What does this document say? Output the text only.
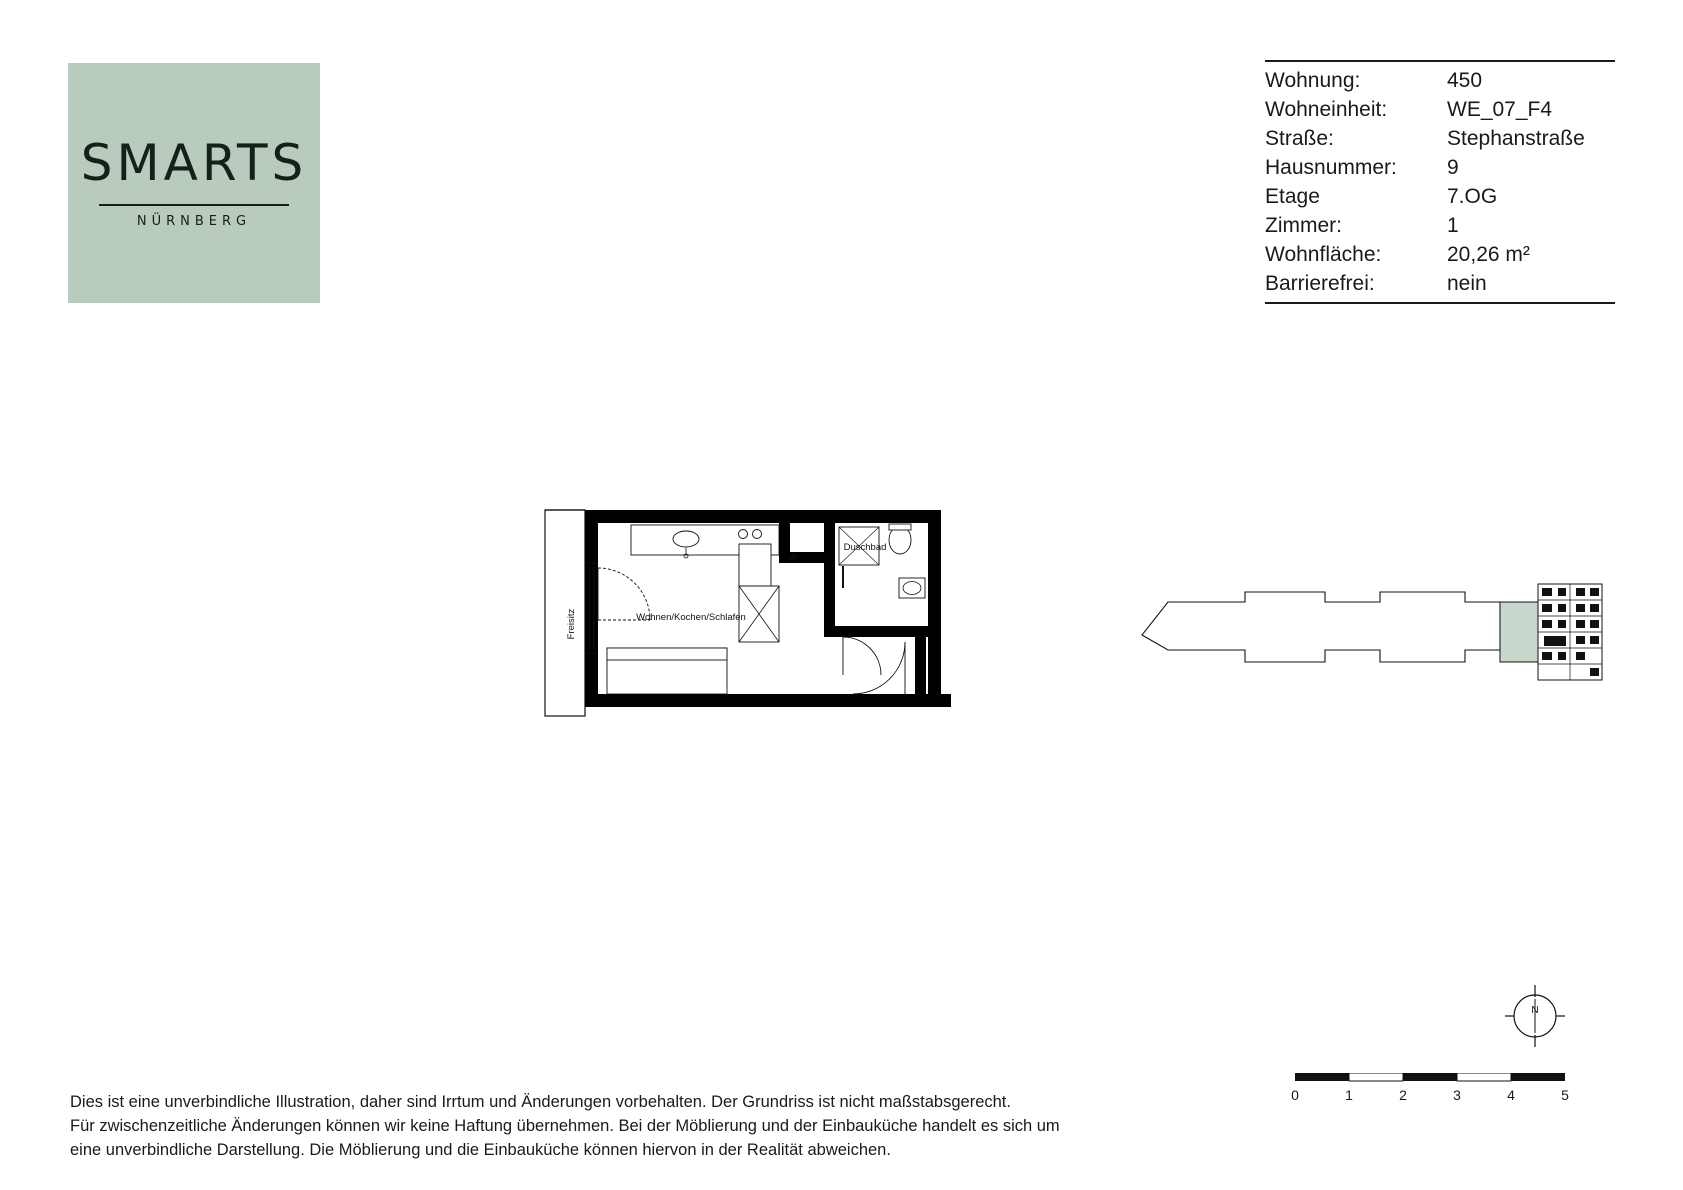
SMARTS
NÜRNBERG
Wohnung:	450
Wohneinheit:	WE_07_F4
Straße:	Stephanstraße
Hausnummer:	9
Etage	7.OG
Zimmer:	1
Wohnfläche:	20,26 m²
Barrierefrei:	nein
Freisitz	Wohnen/Kochen/Schlafen
Duschbad
N
0	1	2	3	4	5
Dies ist eine unverbindliche Illustration, daher sind Irrtum und Änderungen vorbehalten. Der Grundriss ist nicht maßstabsgerecht.
Für zwischenzeitliche Änderungen können wir keine Haftung übernehmen. Bei der Möblierung und der Einbauküche handelt es sich um
eine unverbindliche Darstellung. Die Möblierung und die Einbauküche können hiervon in der Realität abweichen.
